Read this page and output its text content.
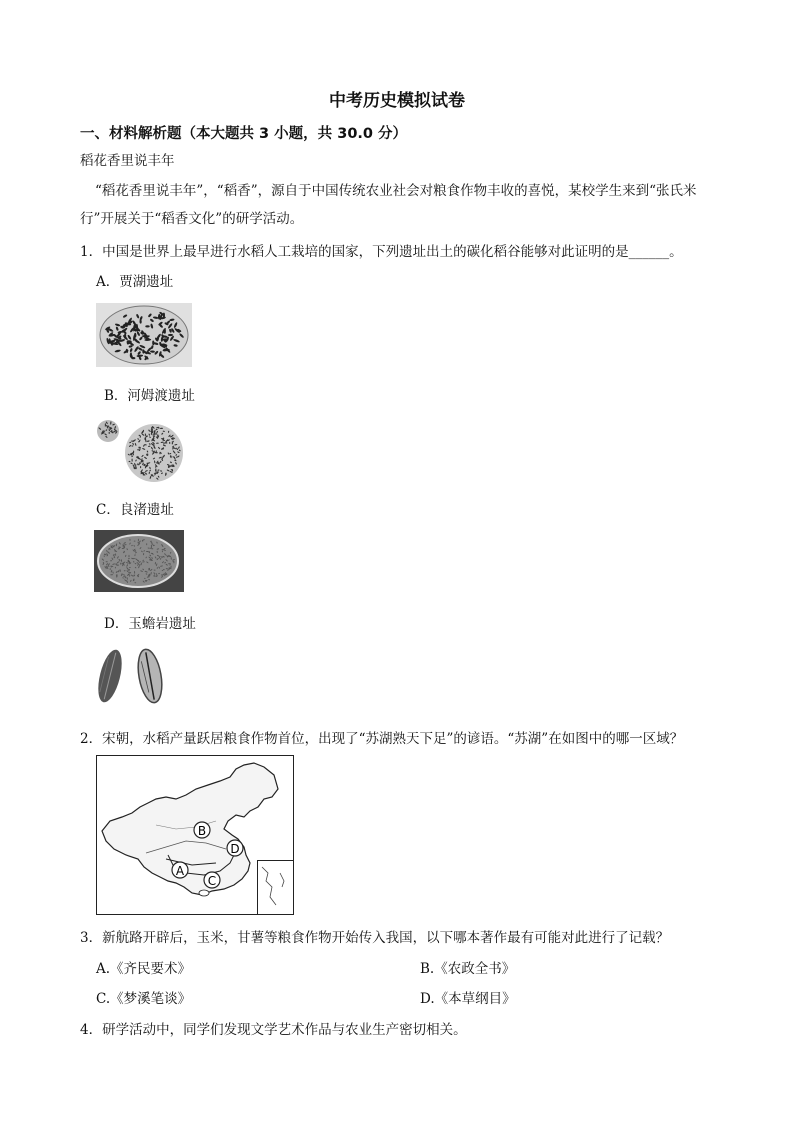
中考历史模拟试卷
一、材料解析题（本大题共 3 小题，共 30.0 分）
稻花香里说丰年
“稻花香里说丰年”，“稻香”，源自于中国传统农业社会对粮食作物丰收的喜悦，某校学生来到“张氏米
行”开展关于“稻香文化”的研学活动。
1．中国是世界上最早进行水稻人工栽培的国家，下列遗址出土的碳化稻谷能够对此证明的是______。
A．贾湖遗址
B．河姆渡遗址
C．良渚遗址
D．玉蟾岩遗址
2．宋朝，水稻产量跃居粮食作物首位，出现了“苏湖熟天下足”的谚语。“苏湖”在如图中的哪一区域？
B
D
A
C
3．新航路开辟后，玉米，甘薯等粮食作物开始传入我国，以下哪本著作最有可能对此进行了记载？
A.《齐民要术》	B.《农政全书》
C.《梦溪笔谈》	D.《本草纲目》
4．研学活动中，同学们发现文学艺术作品与农业生产密切相关。
